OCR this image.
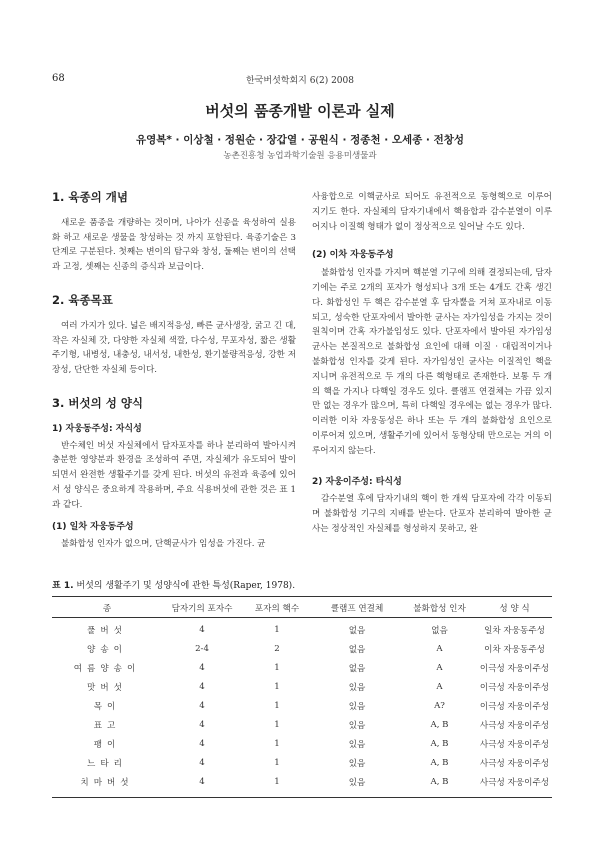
68	한국버섯학회지 6(2) 2008
버섯의 품종개발 이론과 실제
유영복* · 이상철 · 정원순 · 장갑열 · 공원식 · 정종천 · 오세종 · 전창성
농촌진흥청 농업과학기술원 응용미생물과
1. 육종의 개념

새로운 품종을 개량하는 것이며, 나아가 신종을 육성하여 실용화 하고 새로운 생물을 창성하는 것 까지 포함된다. 육종기술은 3단계로 구분된다. 첫째는 변이의 탐구와 창성, 둘째는 변이의 선택과 고정, 셋째는 신종의 증식과 보급이다.

2. 육종목표

여러 가지가 있다. 넓은 배지적응성, 빠른 균사생장, 굵고 긴 대, 작은 자실체 갓, 다양한 자실체 색깔, 다수성, 무포자성, 짧은 생활주기형, 내병성, 내충성, 내서성, 내한성, 환기불량적응성, 강한 저장성, 단단한 자실체 등이다.

3. 버섯의 성 양식
1) 자웅동주성: 자식성

반수체인 버섯 자실체에서 담자포자를 하나 분리하여 발아시켜 충분한 영양분과 환경을 조성하여 주면, 자실체가 유도되어 발이되면서 완전한 생활주기를 갖게 된다. 버섯의 유전과 육종에 있어서 성 양식은 중요하게 작용하며, 주요 식용버섯에 관한 것은 표 1과 같다.

(1) 일차 자웅동주성

불화합성 인자가 없으며, 단핵균사가 임성을 가진다. 균

사융합으로 이핵균사로 되어도 유전적으로 동형핵으로 이루어 지기도 한다. 자실체의 담자기내에서 핵융합과 감수분열이 이루어지나 이질핵 형태가 없이 정상적으로 일어날 수도 있다.

(2) 이차 자웅동주성

불화합성 인자를 가지며 핵분열 기구에 의해 결정되는데, 담자기에는 주로 2개의 포자가 형성되나 3개 또는 4개도 간혹 생긴다. 화합성인 두 핵은 감수분열 후 담자뿔을 거쳐 포자내로 이동되고, 성숙한 단포자에서 발아한 균사는 자가임성을 가지는 것이 원칙이며 간혹 자가불임성도 있다. 단포자에서 발아된 자가임성균사는 본질적으로 불화합성 요인에 대해 이질 · 대립적이거나 불화합성 인자를 갖게 된다. 자가임성인 균사는 이질적인 핵을 지니며 유전적으로 두 개의 다른 핵형태로 존재한다. 보통 두 개의 핵을 가지나 다핵일 경우도 있다. 클램프 연결체는 가끔 있지만 없는 경우가 많으며, 특히 다핵일 경우에는 없는 경우가 많다. 이러한 이차 자웅동성은 하나 또는 두 개의 불화합성 요인으로 이루어져 있으며, 생활주기에 있어서 동형상태 만으로는 거의 이루어지지 않는다.

2) 자웅이주성: 타식성

감수분열 후에 담자기내의 핵이 한 개씩 담포자에 각각 이동되며 불화합성 기구의 지배를 받는다. 단포자 분리하여 발아한 균사는 정상적인 자실체를 형성하지 못하고, 완

표 1. 버섯의 생활주기 및 성양식에 관한 특성(Raper, 1978).
종	담자기의 포자수	포자의 핵수	클램프 연결체	불화합성 인자	성 양 식
풀버섯	4	1	없음	없음	일차 자웅동주성
양송이	2-4	2	없음	A	이차 자웅동주성
여름양송이	4	1	없음	A	이극성 자웅이주성
맛버섯	4	1	있음	A	이극성 자웅이주성
목이	4	1	있음	A?	이극성 자웅이주성
표고	4	1	있음	A, B	사극성 자웅이주성
팽이	4	1	있음	A, B	사극성 자웅이주성
느타리	4	1	있음	A, B	사극성 자웅이주성
치마버섯	4	1	있음	A, B	사극성 자웅이주성
